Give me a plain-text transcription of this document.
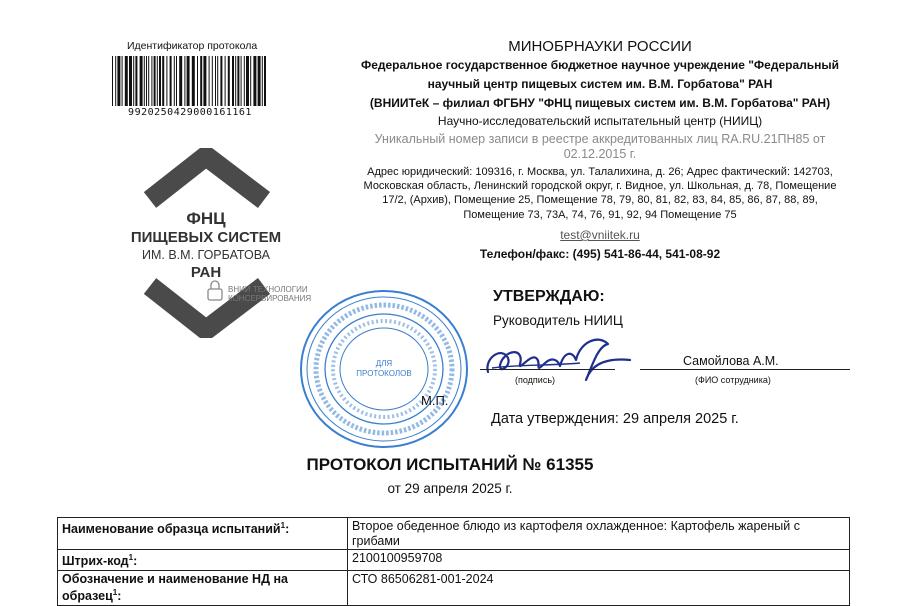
Идентификатор протокола
9920250429000161161
ФНЦ
ПИЩЕВЫХ СИСТЕМ
ИМ. В.М. ГОРБАТОВА
РАН
ВНИИ ТЕХНОЛОГИИ
КОНСЕРВИРОВАНИЯ
МИНОБРНАУКИ РОССИИ
Федеральное государственное бюджетное научное учреждение "Федеральный
научный центр пищевых систем им. В.М. Горбатова" РАН
(ВНИИТеК – филиал ФГБНУ "ФНЦ пищевых систем им. В.М. Горбатова" РАН)
Научно-исследовательский испытательный центр (НИИЦ)
Уникальный номер записи в реестре аккредитованных лиц RA.RU.21ПН85 от
02.12.2015 г.
Адрес юридический: 109316, г. Москва, ул. Талалихина, д. 26; Адрес фактический: 142703,
Московская область, Ленинский городской округ, г. Видное, ул. Школьная, д. 78, Помещение
17/2, (Архив), Помещение 25, Помещение 78, 79, 80, 81, 82, 83, 84, 85, 86, 87, 88, 89,
Помещение 73, 73А, 74, 76, 91, 92, 94 Помещение 75
test@vniitek.ru
Телефон/факс: (495) 541-86-44, 541-08-92
ДЛЯ
ПРОТОКОЛОВ
УТВЕРЖДАЮ:
Руководитель НИИЦ
Самойлова А.М.
(подпись)	(ФИО сотрудника)
М.П.
Дата утверждения: 29 апреля 2025 г.
ПРОТОКОЛ ИСПЫТАНИЙ № 61355
от 29 апреля 2025 г.
Наименование образца испытаний$^1$:	Второе обеденное блюдо из картофеля охлажденное: Картофель жареный с грибами
Штрих-код$^1$:	2100100959708
Обозначение и наименование НД на образец$^1$:	СТО 86506281-001-2024
